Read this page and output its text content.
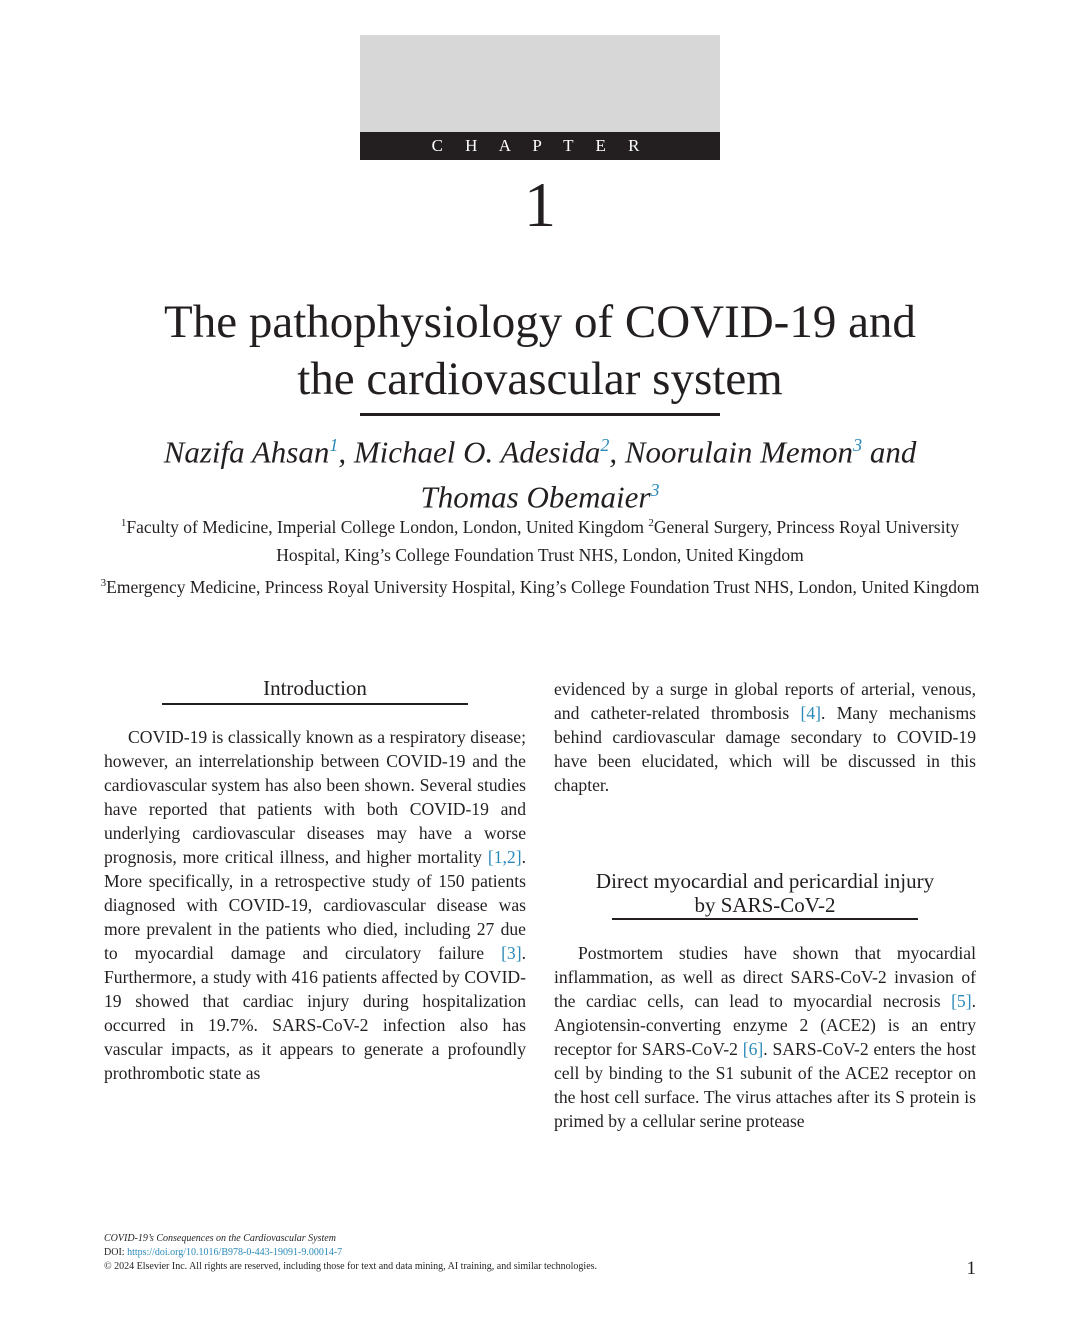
C H A P T E R
1
The pathophysiology of COVID-19 and
the cardiovascular system
Nazifa Ahsan$^1$, Michael O. Adesida$^2$, Noorulain Memon$^3$ and
Thomas Obemaier$^3$
$^1$Faculty of Medicine, Imperial College London, London, United Kingdom $^2$General Surgery, Princess Royal University Hospital, King’s College Foundation Trust NHS, London, United Kingdom
$^3$Emergency Medicine, Princess Royal University Hospital, King’s College Foundation Trust NHS, London, United Kingdom
Introduction

COVID-19 is classically known as a respiratory disease; however, an interrelationship between COVID-19 and the cardiovascular system has also been shown. Several studies have reported that patients with both COVID-19 and underlying cardiovascular diseases may have a worse prognosis, more critical illness, and higher mortality [1,2]. More specifically, in a retrospective study of 150 patients diagnosed with COVID-19, cardiovascular disease was more prevalent in the patients who died, including 27 due to myocardial damage and circulatory failure [3]. Furthermore, a study with 416 patients affected by COVID-19 showed that cardiac injury during hospitalization occurred in 19.7%. SARS-CoV-2 infection also has vascular impacts, as it appears to generate a profoundly prothrombotic state as

evidenced by a surge in global reports of arterial, venous, and catheter-related thrombosis [4]. Many mechanisms behind cardiovascular damage secondary to COVID-19 have been elucidated, which will be discussed in this chapter.

Direct myocardial and pericardial injury
by SARS-CoV-2

Postmortem studies have shown that myocardial inflammation, as well as direct SARS-CoV-2 invasion of the cardiac cells, can lead to myocardial necrosis [5]. Angiotensin-converting enzyme 2 (ACE2) is an entry receptor for SARS-CoV-2 [6]. SARS-CoV-2 enters the host cell by binding to the S1 subunit of the ACE2 receptor on the host cell surface. The virus attaches after its S protein is primed by a cellular serine protease

COVID-19’s Consequences on the Cardiovascular System
DOI: https://doi.org/10.1016/B978-0-443-19091-9.00014-7
© 2024 Elsevier Inc. All rights are reserved, including those for text and data mining, AI training, and similar technologies.	1
